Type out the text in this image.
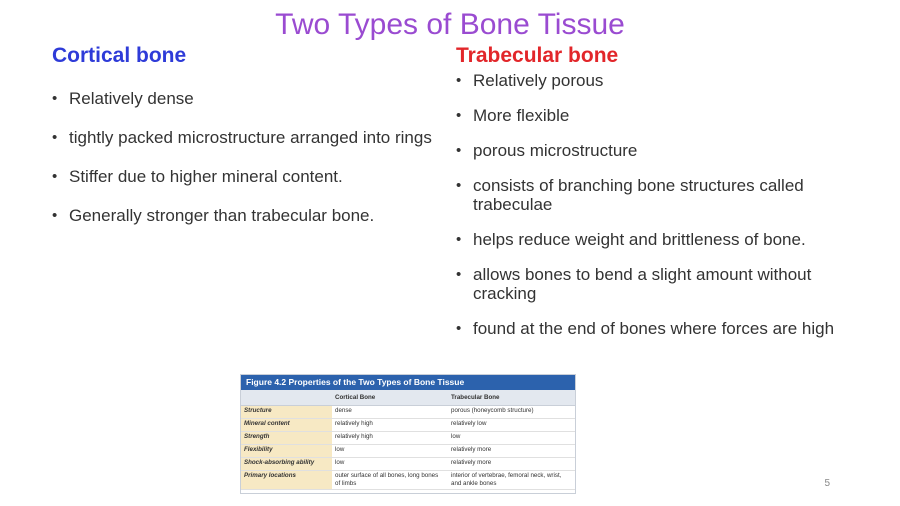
Two Types of Bone Tissue
Cortical bone
• Relatively dense
• tightly packed microstructure arranged into rings
• Stiffer due to higher mineral content.
• Generally stronger than trabecular bone.
Trabecular bone
• Relatively porous
• More flexible
• porous microstructure
• consists of branching bone structures called trabeculae
• helps reduce weight and brittleness of bone.
• allows bones to bend a slight amount without cracking
• found at the end of bones where forces are high
Figure 4.2 Properties of the Two Types of Bone Tissue
	Cortical Bone	Trabecular Bone
Structure	dense	porous (honeycomb structure)
Mineral content	relatively high	relatively low
Strength	relatively high	low
Flexibility	low	relatively more
Shock-absorbing ability	low	relatively more
Primary locations	outer surface of all bones, long bones of limbs	interior of vertebrae, femoral neck, wrist, and ankle bones	5
